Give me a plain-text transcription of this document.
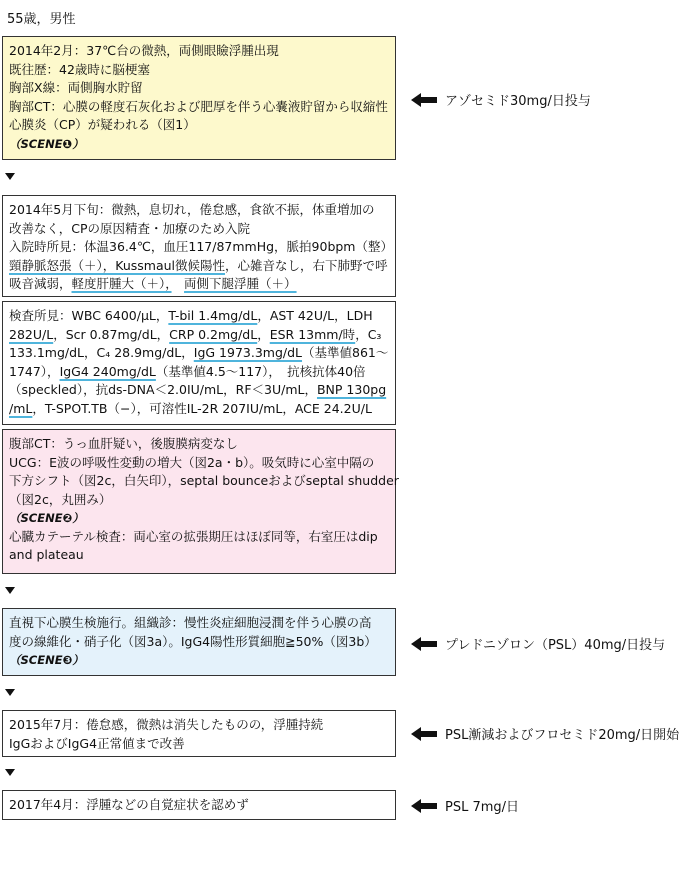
55歳，男性
2014年2月：37℃台の微熱，両側眼瞼浮腫出現
既往歴：42歳時に脳梗塞
胸部X線：両側胸水貯留
胸部CT：心膜の軽度石灰化および肥厚を伴う心嚢液貯留から収縮性
心膜炎（CP）が疑われる（図1）
（SCENE❶）
2014年5月下旬：微熱，息切れ，倦怠感，食欲不振，体重増加の
改善なく，CPの原因精査・加療のため入院
入院時所見：体温36.4℃，血圧117/87mmHg，脈拍90bpm（整）
頸静脈怒張（＋），Kussmaul徴候陽性，心雑音なし，右下肺野で呼
吸音減弱，軽度肝腫大（＋），　 両側下腿浮腫（＋）
検査所見：WBC 6400/μL，T-bil 1.4mg/dL，AST 42U/L，LDH
282U/L，Scr 0.87mg/dL，CRP 0.2mg/dL，ESR 13mm/時，C₃
133.1mg/dL，C₄ 28.9mg/dL，IgG 1973.3mg/dL（基準値861〜
1747），IgG4 240mg/dL（基準値4.5〜117），　抗核抗体40倍
（speckled），抗ds-DNA＜2.0IU/mL，RF＜3U/mL，BNP 130pg
/mL，T-SPOT.TB（−），可溶性IL-2R 207IU/mL，ACE 24.2U/L
腹部CT：うっ血肝疑い，後腹膜病変なし
UCG：E波の呼吸性変動の増大（図2a・b）。吸気時に心室中隔の
下方シフト（図2c，白矢印），septal bounceおよびseptal shudder
（図2c，丸囲み）
（SCENE❷）
心臓カテーテル検査：両心室の拡張期圧はほぼ同等，右室圧はdip
and plateau
直視下心膜生検施行。組織診：慢性炎症細胞浸潤を伴う心膜の高
度の線維化・硝子化（図3a）。IgG4陽性形質細胞≧50%（図3b）
（SCENE❸）
2015年7月：倦怠感，微熱は消失したものの，浮腫持続
IgGおよびIgG4正常値まで改善
2017年4月：浮腫などの自覚症状を認めず
アゾセミド30mg/日投与
プレドニゾロン（PSL）40mg/日投与
PSL漸減およびフロセミド20mg/日開始
PSL 7mg/日
